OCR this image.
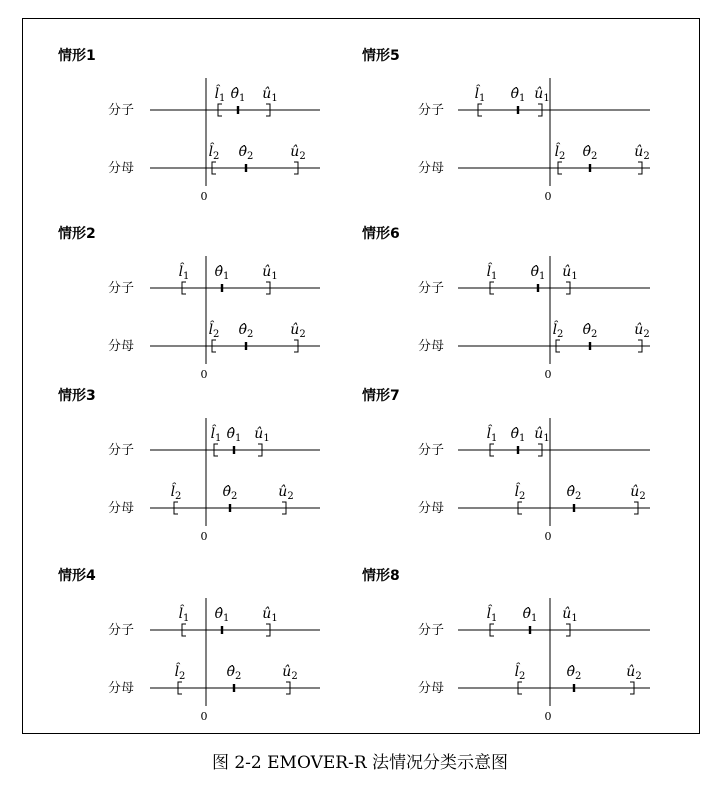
情形1
0
分子
$l̂_1$ $\thetâ_1$ $û_1$
分母
$l̂_2$ $\thetâ_2$	$û_2$
情形5
0
分子
$l̂_1$ $\thetâ_1$ $û_1$
分母
$l̂_2$ $\thetâ_2$	$û_2$
情形2
0
分子
$l̂_1$ $\thetâ_1$ $û_1$
分母
$l̂_2$ $\thetâ_2$	$û_2$
情形6
0
分子
$l̂_1$ $\thetâ_1$ $û_1$
分母
$l̂_2$ $\thetâ_2$	$û_2$
情形3
0
分子
$l̂_1$ $\thetâ_1$ $û_1$
分母
$l̂_2$	$\thetâ_2$	$û_2$
情形7
0
分子
$l̂_1$ $\thetâ_1$ $û_1$
分母
$l̂_2$	$\thetâ_2$	$û_2$
情形4
0
分子
$l̂_1$ $\thetâ_1$ $û_1$
分母
$l̂_2$	$\thetâ_2$	$û_2$
情形8
0
分子
$l̂_1$ $\thetâ_1$ $û_1$
分母
$l̂_2$	$\thetâ_2$	$û_2$
图 2-2 EMOVER-R 法情况分类示意图
